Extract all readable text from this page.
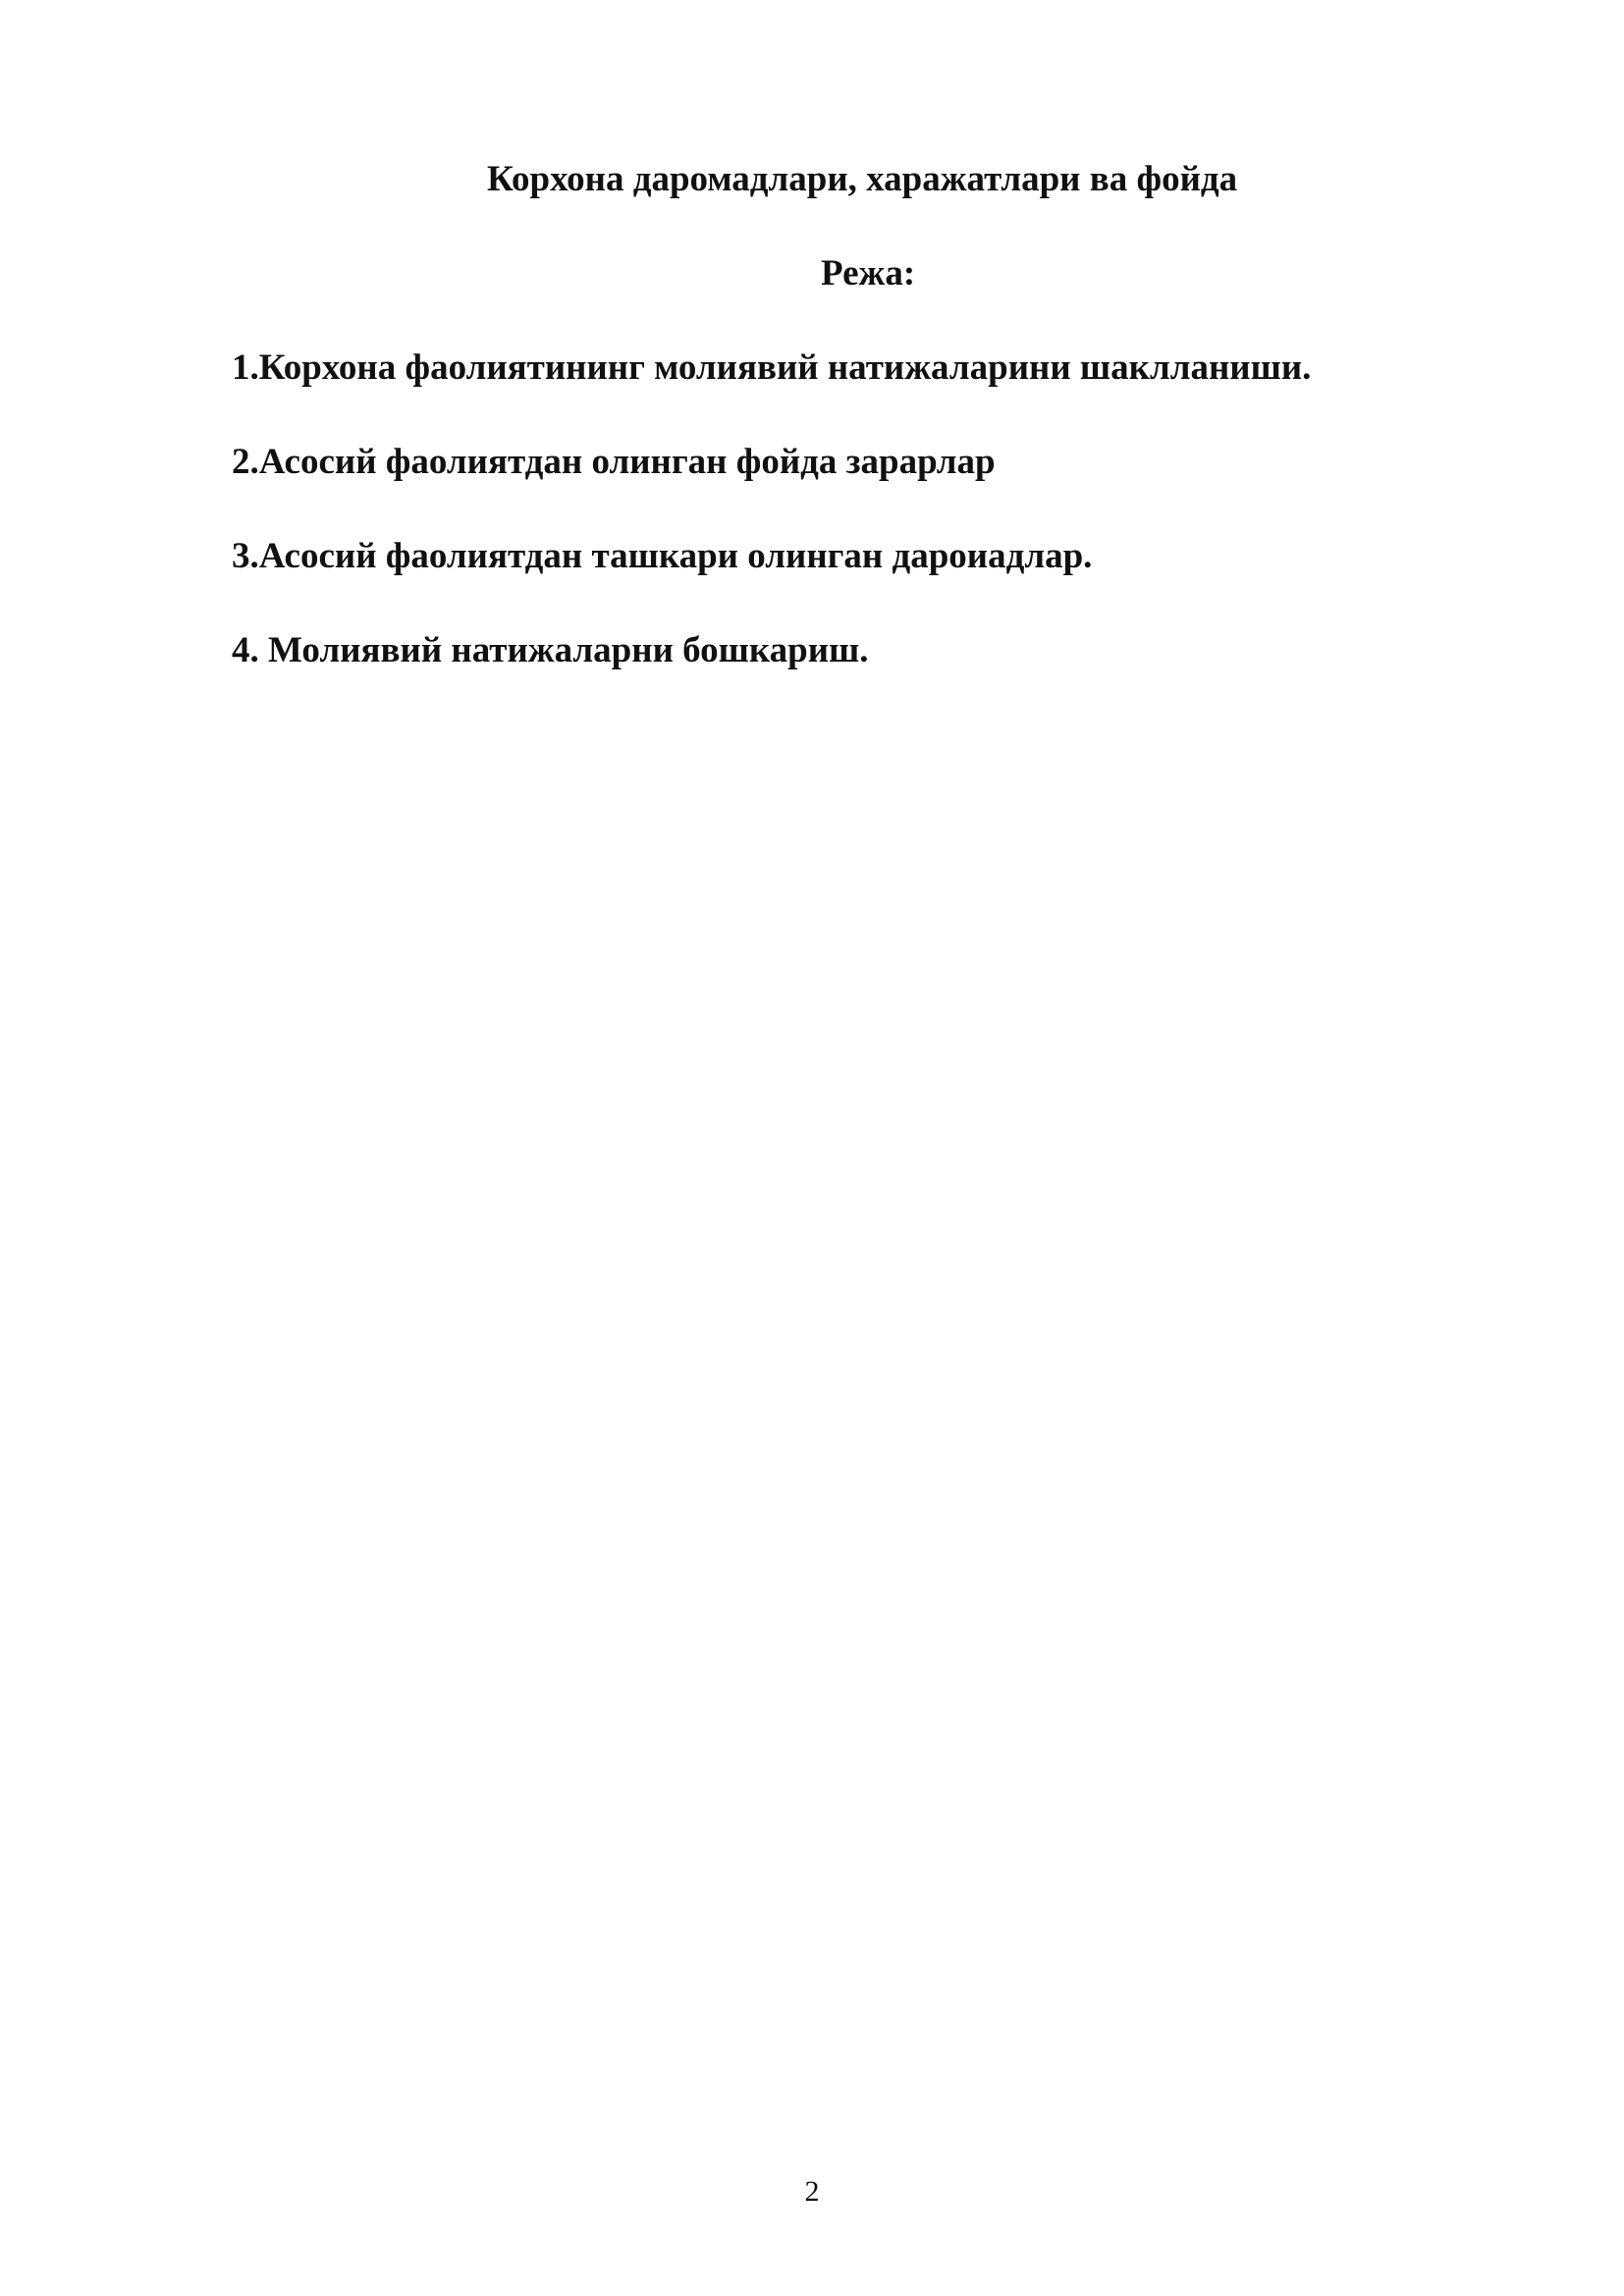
Корхона даромадлари, харажатлари ва фойда
Режа:
1.Корхона фаолиятининг молиявий натижаларини шаклланиши.
2.Асосий фаолиятдан олинган фойда зарарлар
3.Асосий фаолиятдан ташкари олинган дароиадлар.
4. Молиявий натижаларни бошкариш.
2
